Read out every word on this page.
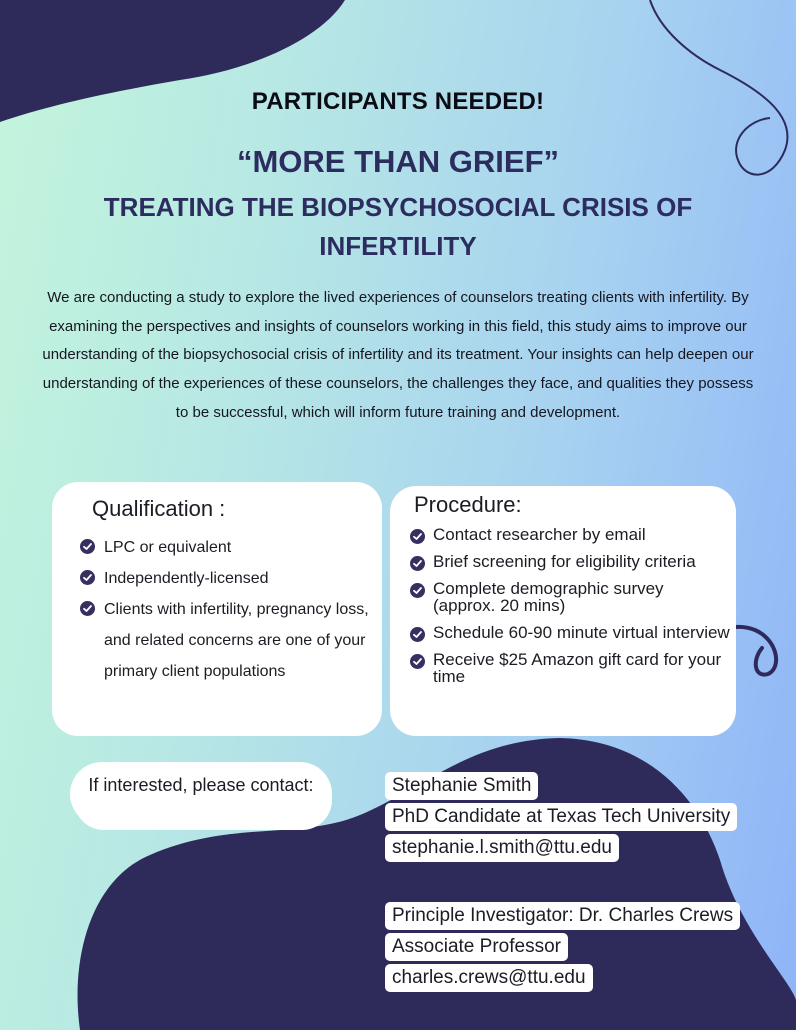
PARTICIPANTS NEEDED!
“MORE THAN GRIEF”
TREATING THE BIOPSYCHOSOCIAL CRISIS OF INFERTILITY
We are conducting a study to explore the lived experiences of counselors treating clients with infertility. By examining the perspectives and insights of counselors working in this field, this study aims to improve our understanding of the biopsychosocial crisis of infertility and its treatment. Your insights can help deepen our understanding of the experiences of these counselors, the challenges they face, and qualities they possess to be successful, which will inform future training and development.
Qualification :
LPC or equivalent
Independently-licensed
Clients with infertility, pregnancy loss, and related concerns are one of your primary client populations
Procedure:
Contact researcher by email
Brief screening for eligibility criteria
Complete demographic survey (approx. 20 mins)
Schedule 60-90 minute virtual interview
Receive $25 Amazon gift card for your time
If interested, please contact:	Stephanie Smith
PhD Candidate at Texas Tech University
stephanie.l.smith@ttu.edu
Principle Investigator: Dr. Charles Crews
Associate Professor
charles.crews@ttu.edu
